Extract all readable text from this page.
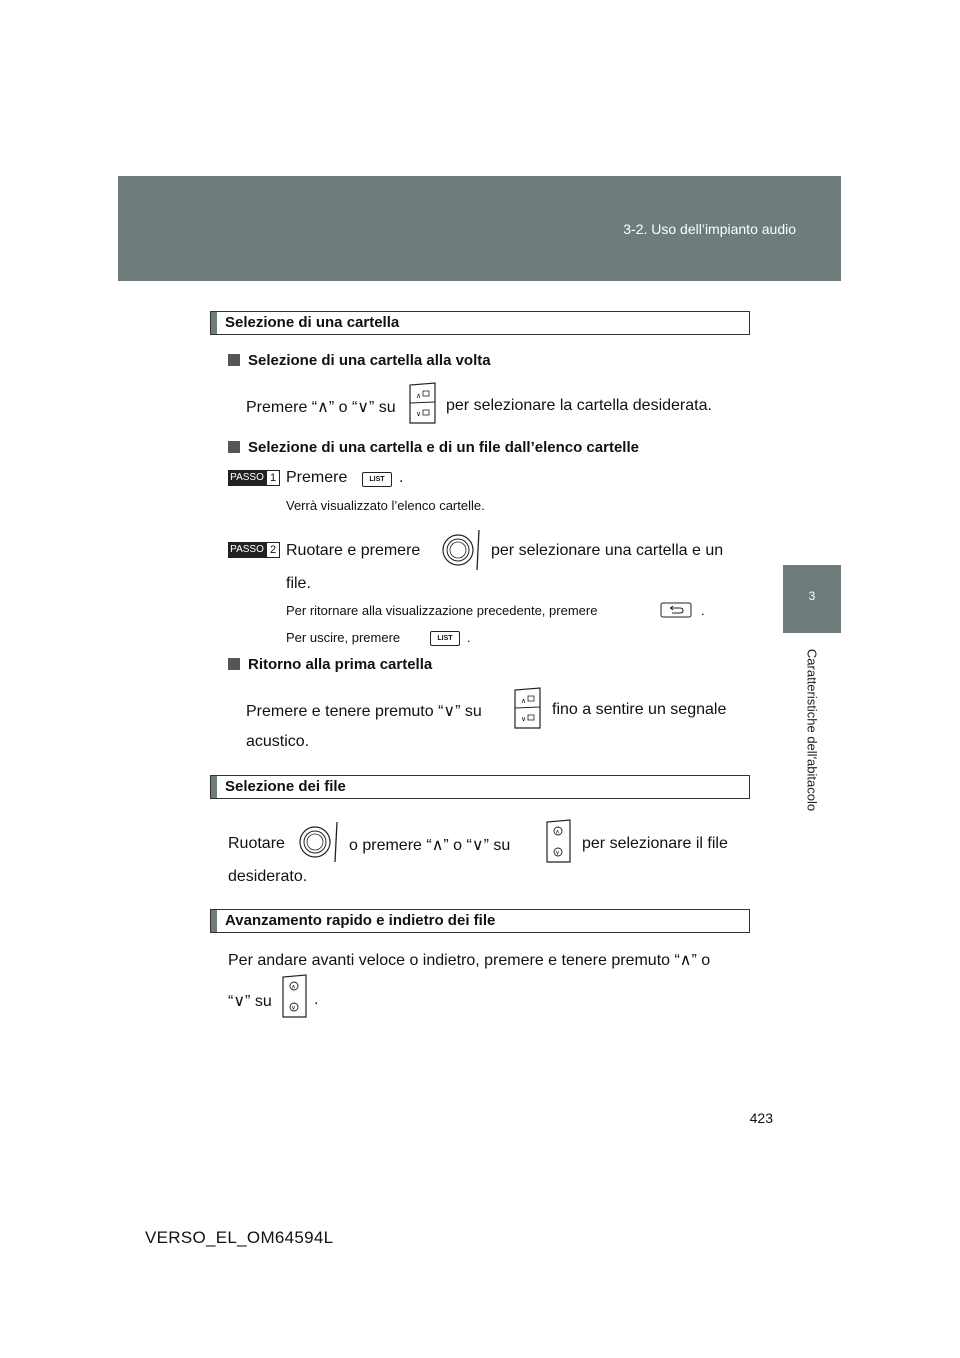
3-2. Uso dell’impianto audio
3
Caratteristiche dell'abitacolo
Selezione di una cartella
Selezione di una cartella alla volta
Premere “∧” o “∨” su
∧
∨ per selezionare la cartella desiderata.
Selezione di una cartella e di un file dall’elenco cartelle
PASSO 1 Premere	LIST .
Verrà visualizzato l’elenco cartelle.
PASSO 2 Ruotare e premere	per selezionare una cartella e un
file.
Per ritornare alla visualizzazione precedente, premere	.
Per uscire, premere	LIST	.
Ritorno alla prima cartella
Premere e tenere premuto “∨” su
∧
∨
fino a sentire un segnale
acustico.
Selezione dei file
Ruotare	o premere “∧” o “∨” su
∧
∨
per selezionare il file
desiderato.
Avanzamento rapido e indietro dei file
Per andare avanti veloce o indietro, premere e tenere premuto “∧” o
“∨” su
∧
∨ .
423
VERSO_EL_OM64594L
